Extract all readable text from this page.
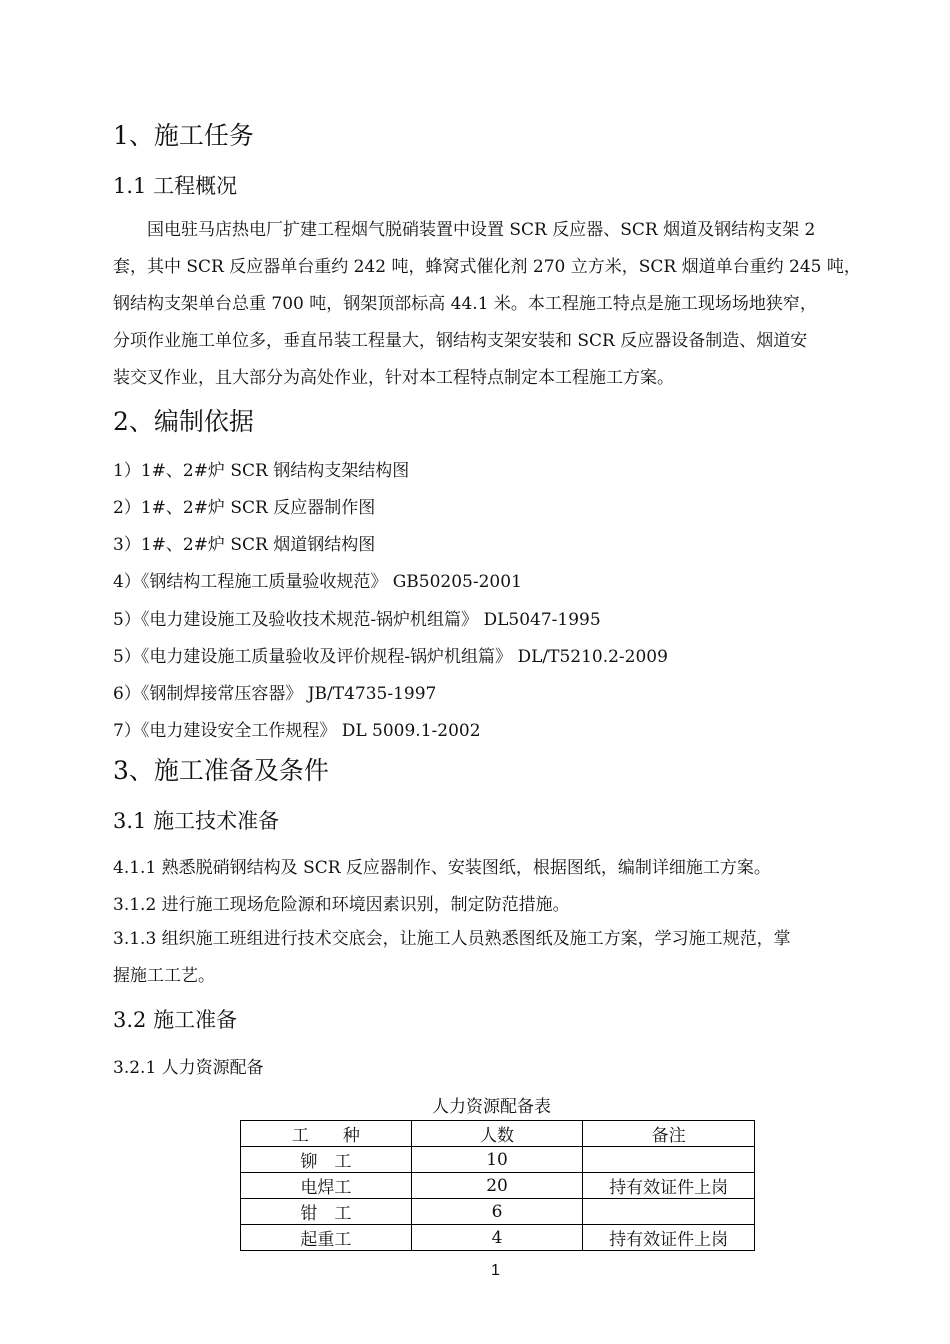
1、施工任务
1.1 工程概况
国电驻马店热电厂扩建工程烟气脱硝装置中设置 SCR 反应器、SCR 烟道及钢结构支架 2
套，其中 SCR 反应器单台重约 242 吨，蜂窝式催化剂 270 立方米，SCR 烟道单台重约 245 吨，
钢结构支架单台总重 700 吨，钢架顶部标高 44.1 米。本工程施工特点是施工现场场地狭窄，
分项作业施工单位多，垂直吊装工程量大，钢结构支架安装和 SCR 反应器设备制造、烟道安
装交叉作业，且大部分为高处作业，针对本工程特点制定本工程施工方案。
2、编制依据
1）1#、2#炉 SCR 钢结构支架结构图
2）1#、2#炉 SCR 反应器制作图
3）1#、2#炉 SCR 烟道钢结构图
4）《钢结构工程施工质量验收规范》 GB50205-2001
5）《电力建设施工及验收技术规范-锅炉机组篇》 DL5047-1995
5）《电力建设施工质量验收及评价规程-锅炉机组篇》 DL/T5210.2-2009
6）《钢制焊接常压容器》 JB/T4735-1997
7）《电力建设安全工作规程》 DL 5009.1-2002
3、施工准备及条件
3.1 施工技术准备
4.1.1 熟悉脱硝钢结构及 SCR 反应器制作、安装图纸，根据图纸，编制详细施工方案。
3.1.2 进行施工现场危险源和环境因素识别，制定防范措施。
3.1.3 组织施工班组进行技术交底会，让施工人员熟悉图纸及施工方案，学习施工规范，掌
握施工工艺。
3.2 施工准备
3.2.1 人力资源配备
人力资源配备表
工　　种	人数	备注
铆　工	10	
电焊工	20	持有效证件上岗
钳　工	6	
起重工	4	持有效证件上岗
1
